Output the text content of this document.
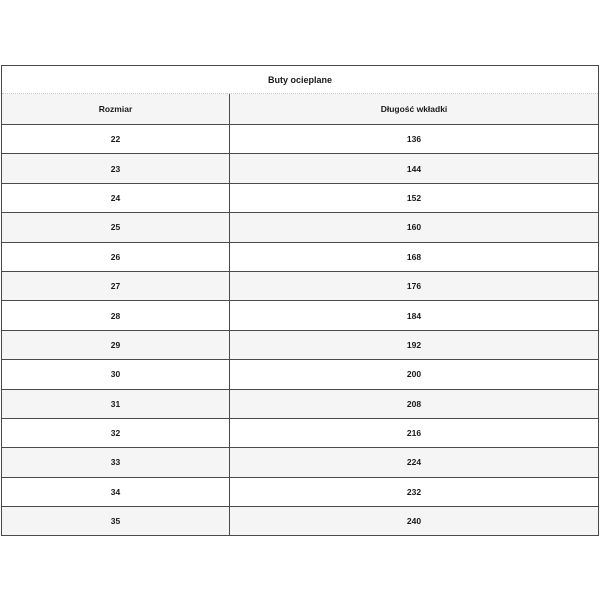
Buty ocieplane
Rozmiar	Długość wkładki
22	136
23	144
24	152
25	160
26	168
27	176
28	184
29	192
30	200
31	208
32	216
33	224
34	232
35	240
